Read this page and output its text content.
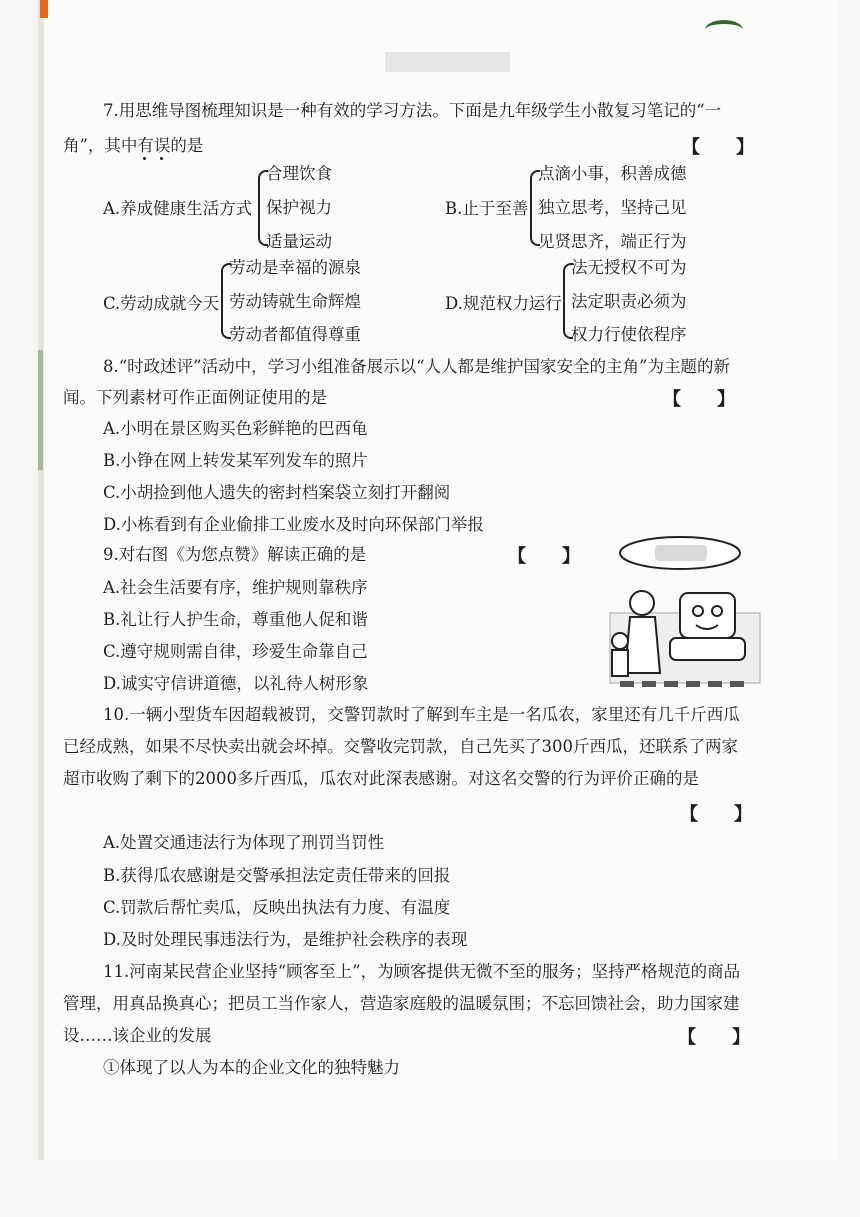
7.用思维导图梳理知识是一种有效的学习方法。下面是九年级学生小散复习笔记的“一
角”，其中有误的是	【　　】
A.养成健康生活方式
合理饮食
保护视力
适量运动
B.止于至善
点滴小事，积善成德
独立思考，坚持己见
见贤思齐，端正行为
C.劳动成就今天
劳动是幸福的源泉
劳动铸就生命辉煌
劳动者都值得尊重
D.规范权力运行
法无授权不可为
法定职责必须为
权力行使依程序
8.“时政述评”活动中，学习小组准备展示以“人人都是维护国家安全的主角”为主题的新
闻。下列素材可作正面例证使用的是	【　　】
A.小明在景区购买色彩鲜艳的巴西龟
B.小铮在网上转发某军列发车的照片
C.小胡捡到他人遗失的密封档案袋立刻打开翻阅
D.小栋看到有企业偷排工业废水及时向环保部门举报
9.对右图《为您点赞》解读正确的是	【　　】
A.社会生活要有序，维护规则靠秩序
B.礼让行人护生命，尊重他人促和谐
C.遵守规则需自律，珍爱生命靠自己
D.诚实守信讲道德，以礼待人树形象
10.一辆小型货车因超载被罚，交警罚款时了解到车主是一名瓜农，家里还有几千斤西瓜
已经成熟，如果不尽快卖出就会坏掉。交警收完罚款，自己先买了300斤西瓜，还联系了两家
超市收购了剩下的2000多斤西瓜，瓜农对此深表感谢。对这名交警的行为评价正确的是
【　　】
A.处置交通违法行为体现了刑罚当罚性
B.获得瓜农感谢是交警承担法定责任带来的回报
C.罚款后帮忙卖瓜，反映出执法有力度、有温度
D.及时处理民事违法行为，是维护社会秩序的表现
11.河南某民营企业坚持“顾客至上”，为顾客提供无微不至的服务；坚持严格规范的商品
管理，用真品换真心；把员工当作家人，营造家庭般的温暖氛围；不忘回馈社会，助力国家建
设……该企业的发展	【　　】
①体现了以人为本的企业文化的独特魅力
